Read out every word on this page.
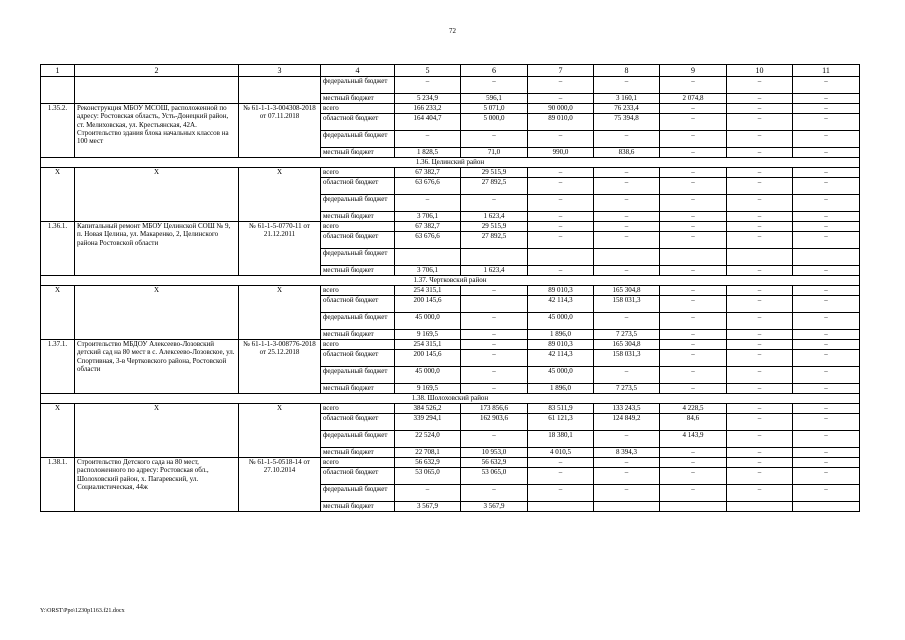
72
1	2	3	4	5	6	7	8	9	10	11
			федеральный бюджет	–	–	–	–	–	–	–
			местный бюджет	5 234,9	596,1	–	3 160,1	2 074,8	–	–
1.35.2.	Реконструкция МБОУ МСОШ, расположенной по адресу: Ростовская область, Усть-Донецкий район, ст. Мелиховская, ул. Крестьянская, 42А. Строительство здания блока начальных классов на 100 мест	№ 61-1-1-3-004308-2018 от 07.11.2018	всего	166 233,2	5 071,0	90 000,0	76 233,4	–	–	–
			областной бюджет	164 404,7	5 000,0	89 010,0	75 394,8	–	–	–
			федеральный бюджет	–	–	–	–	–	–	–
			местный бюджет	1 828,5	71,0	990,0	838,6	–	–	–
1.36. Целинский район										
Х	Х	Х	всего	67 382,7	29 515,9	–	–	–	–	–
			областной бюджет	63 676,6	27 892,5	–	–	–	–	–
			федеральный бюджет	–	–	–	–	–	–	–
			местный бюджет	3 706,1	1 623,4	–	–	–	–	–
1.36.1.	Капитальный ремонт МБОУ Целинской СОШ № 9, п. Новая Целина, ул. Макаренко, 2, Целинского района Ростовской области	№ 61-1-5-0770-11 от 21.12.2011	всего	67 382,7	29 515,9	–	–	–	–	–
			областной бюджет	63 676,6	27 892,5	–	–	–	–	–
			федеральный бюджет							
			местный бюджет	3 706,1	1 623,4	–	–	–	–	–
1.37. Чертковский район										
Х	Х	Х	всего	254 315,1	–	89 010,3	165 304,8	–	–	–
			областной бюджет	200 145,6		42 114,3	158 031,3	–	–	–
			федеральный бюджет	45 000,0	–	45 000,0	–	–	–	–
			местный бюджет	9 169,5	–	1 896,0	7 273,5	–	–	–
1.37.1.	Строительство МБДОУ Алексеево-Лозовский детский сад на 80 мест в с. Алексеево-Лозовское, ул. Спортивная, 3-в Чертковского района, Ростовской области	№ 61-1-1-3-008776-2018 от 25.12.2018	всего	254 315,1	–	89 010,3	165 304,8	–	–	–
			областной бюджет	200 145,6	–	42 114,3	158 031,3	–	–	–
			федеральный бюджет	45 000,0	–	45 000,0	–	–	–	–
			местный бюджет	9 169,5	–	1 896,0	7 273,5	–	–	–
1.38. Шолоховский район										
Х	Х	Х	всего	384 526,2	173 856,6	83 511,9	133 243,5	4 228,5	–	–
			областной бюджет	339 294,1	162 903,6	61 121,3	124 849,2	84,6	–	–
			федеральный бюджет	22 524,0	–	18 380,1	–	4 143,9	–	–
			местный бюджет	22 708,1	10 953,0	4 010,5	8 394,3	–	–	–
1.38.1.	Строительство Детского сада на 80 мест, расположенного по адресу: Ростовская обл., Шолоховский район, х. Пагаревский, ул. Социалистическая, 44ж	№ 61-1-5-0518-14 от 27.10.2014	всего	56 632,9	56 632,9	–	–	–	–	–
			областной бюджет	53 065,0	53 065,0	–	–	–	–	–
			федеральный бюджет	–	–	–	–	–	–	–
			местный бюджет	3 567,9	3 567,9					
Y:\ORST\Ppo\1230p1163.f21.docx
